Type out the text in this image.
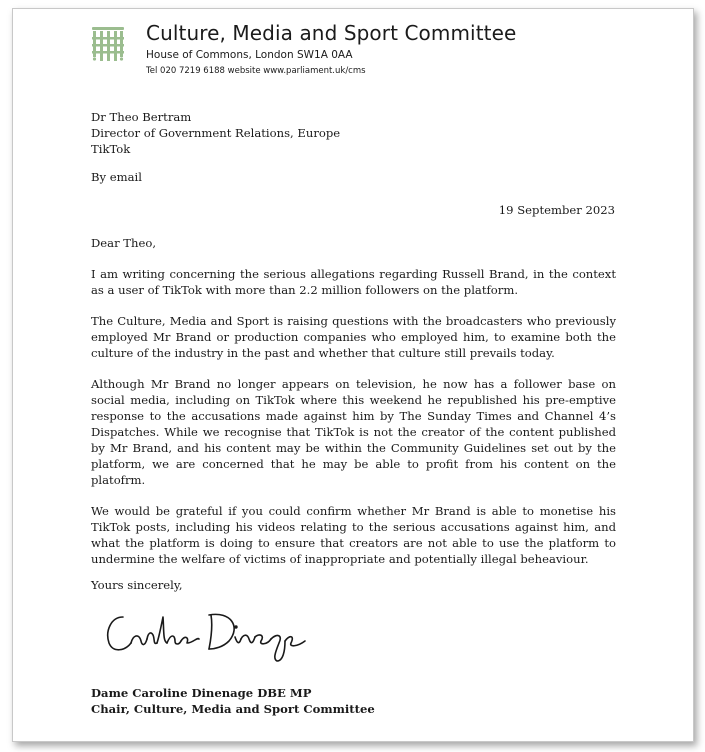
Culture, Media and Sport Committee
House of Commons, London SW1A 0AA
Tel 020 7219 6188 website www.parliament.uk/cms
Dr Theo Bertram
Director of Government Relations, Europe
TikTok
By email
19 September 2023
Dear Theo,

I am writing concerning the serious allegations regarding Russell Brand, in the context as a user of TikTok with more than 2.2 million followers on the platform.

The Culture, Media and Sport is raising questions with the broadcasters who previously employed Mr Brand or production companies who employed him, to examine both the culture of the industry in the past and whether that culture still prevails today.

Although Mr Brand no longer appears on television, he now has a follower base on social media, including on TikTok where this weekend he republished his pre-emptive response to the accusations made against him by The Sunday Times and Channel 4’s Dispatches. While we recognise that TikTok is not the creator of the content published by Mr Brand, and his content may be within the Community Guidelines set out by the platform, we are concerned that he may be able to profit from his content on the platofrm.

We would be grateful if you could confirm whether Mr Brand is able to monetise his TikTok posts, including his videos relating to the serious accusations against him, and what the platform is doing to ensure that creators are not able to use the platform to undermine the welfare of victims of inappropriate and potentially illegal beheaviour.

Yours sincerely,
Dame Caroline Dinenage DBE MP
Chair, Culture, Media and Sport Committee
